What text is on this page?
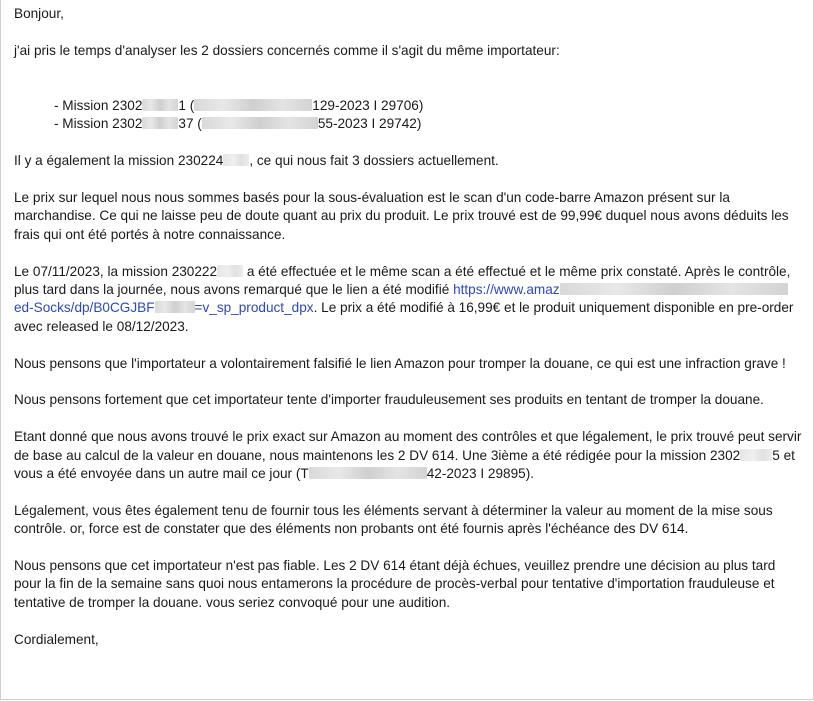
Bonjour,

j'ai pris le temps d'analyser les 2 dossiers concernés comme il s'agit du même importateur:

- Mission 2302	1 (	129-2023 I 29706)
- Mission 2302	37 (	55-2023 I 29742)

Il y a également la mission 230224 , ce qui nous fait 3 dossiers actuellement.

Le prix sur lequel nous nous sommes basés pour la sous-évaluation est le scan d'un code-barre Amazon présent sur la marchandise. Ce qui ne laisse peu de doute quant au prix du produit. Le prix trouvé est de 99,99€ duquel nous avons déduits les frais qui ont été portés à notre connaissance.

Le 07/11/2023, la mission 230222 a été effectuée et le même scan a été effectué et le même prix constaté. Après le contrôle, plus tard dans la journée, nous avons remarqué que le lien a été modifié https://www.amazed-Socks/dp/B0CGJBF	=v_sp_product_dpx. Le prix a été modifié à 16,99€ et le produit uniquement disponible en pre-order avec released le 08/12/2023.

Nous pensons que l'importateur a volontairement falsifié le lien Amazon pour tromper la douane, ce qui est une infraction grave !

Nous pensons fortement que cet importateur tente d'importer frauduleusement ses produits en tentant de tromper la douane.

Etant donné que nous avons trouvé le prix exact sur Amazon au moment des contrôles et que légalement, le prix trouvé peut servir de base au calcul de la valeur en douane, nous maintenons les 2 DV 614. Une 3ième a été rédigée pour la mission 2302 5 et vous a été envoyée dans un autre mail ce jour (T	42-2023 I 29895).

Légalement, vous êtes également tenu de fournir tous les éléments servant à déterminer la valeur au moment de la mise sous contrôle. or, force est de constater que des éléments non probants ont été fournis après l'échéance des DV 614.

Nous pensons que cet importateur n'est pas fiable. Les 2 DV 614 étant déjà échues, veuillez prendre une décision au plus tard pour la fin de la semaine sans quoi nous entamerons la procédure de procès-verbal pour tentative d'importation frauduleuse et tentative de tromper la douane. vous seriez convoqué pour une audition.

Cordialement,
